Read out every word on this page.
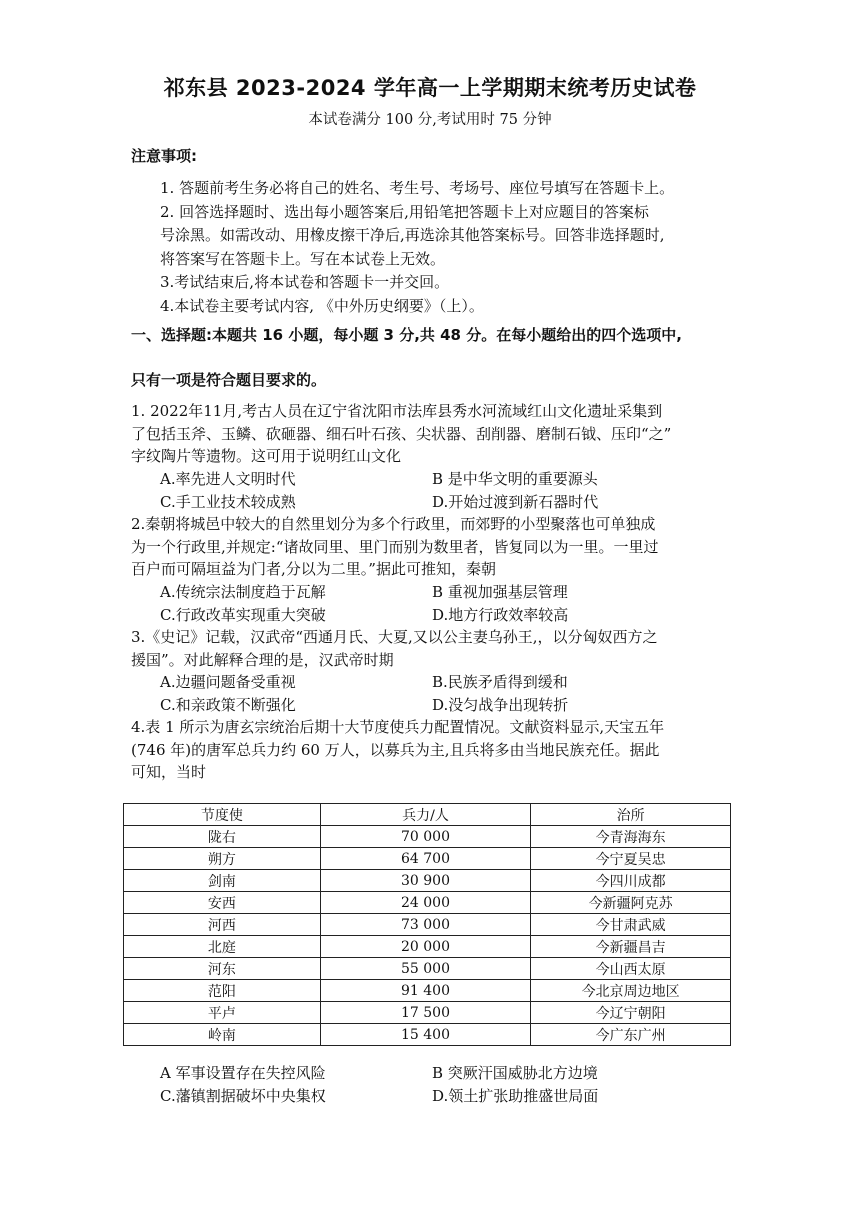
祁东县 2023-2024 学年高一上学期期末统考历史试卷
本试卷满分 100 分,考试用时 75 分钟
注意事项:
1. 答题前考生务必将自己的姓名、考生号、考场号、座位号填写在答题卡上。
2. 回答选择题时、选出每小题答案后,用铅笔把答题卡上对应题目的答案标
号涂黑。如需改动、用橡皮擦干净后,再选涂其他答案标号。回答非选择题时,
将答案写在答题卡上。写在本试卷上无效。
3.考试结束后,将本试卷和答题卡一并交回。
4.本试卷主要考试内容, 《中外历史纲要》（上）。
一、选择题:本题共 16 小题，每小题 3 分,共 48 分。在每小题给出的四个选项中,
只有一项是符合题目要求的。
1. 2022年11月,考古人员在辽宁省沈阳市法库县秀水河流域红山文化遗址采集到
了包括玉斧、玉鳞、砍砸器、细石叶石孩、尖状器、刮削器、磨制石钺、压印“之”
字纹陶片等遗物。这可用于说明红山文化
A.率先进人文明时代	B 是中华文明的重要源头
C.手工业技术较成熟	D.开始过渡到新石器时代
2.秦朝将城邑中较大的自然里划分为多个行政里，而郊野的小型聚落也可单独成
为一个行政里,并规定:“诸故同里、里门而别为数里者，皆复同以为一里。一里过
百户而可隔垣益为门者,分以为二里。”据此可推知，秦朝
A.传统宗法制度趋于瓦解	B 重视加强基层管理
C.行政改革实现重大突破	D.地方行政效率较高
3.《史记》记载，汉武帝“西通月氏、大夏,又以公主妻乌孙王,，以分匈奴西方之
援国”。对此解释合理的是，汉武帝时期
A.边疆问题备受重视	B.民族矛盾得到缓和
C.和亲政策不断强化	D.没匀战争出现转折
4.表 1 所示为唐玄宗统治后期十大节度使兵力配置情况。文献资料显示,天宝五年
(746 年)的唐军总兵力约 60 万人，以募兵为主,且兵将多由当地民族充任。据此
可知，当时
节度使	兵力/人	治所
陇右	70 000	今青海海东
朔方	64 700	今宁夏吴忠
剑南	30 900	今四川成都
安西	24 000	今新疆阿克苏
河西	73 000	今甘肃武威
北庭	20 000	今新疆昌吉
河东	55 000	今山西太原
范阳	91 400	今北京周边地区
平卢	17 500	今辽宁朝阳
岭南	15 400	今广东广州
A 军事设置存在失控风险	B 突厥汗国威胁北方边境
C.藩镇割据破坏中央集权	D.领土扩张助推盛世局面
